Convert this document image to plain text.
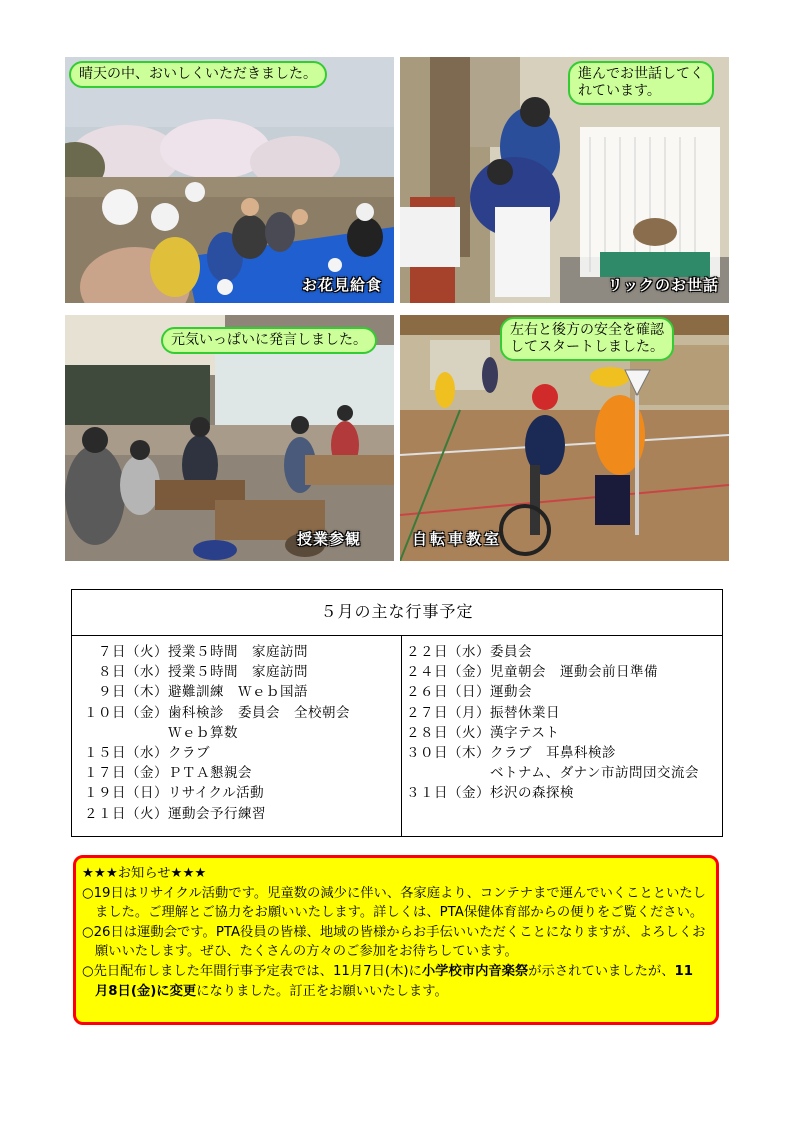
晴天の中、おいしくいただきました。
お花見給食
進んでお世話してく
れています。
リックのお世話
元気いっぱいに発言しました。
授業参観
左右と後方の安全を確認
してスタートしました。
自転車教室
５月の主な行事予定
７日（火） 授業５時間　家庭訪問
８日（水） 授業５時間　家庭訪問
９日（木） 避難訓練　Ｗｅｂ国語
１０日（金） 歯科検診　委員会　全校朝会
Ｗｅｂ算数
１５日（水） クラブ
１７日（金） ＰＴＡ懇親会
１９日（日） リサイクル活動
２１日（火） 運動会予行練習
２２日（水） 委員会
２４日（金） 児童朝会　運動会前日準備
２６日（日） 運動会
２７日（月） 振替休業日
２８日（火） 漢字テスト
３０日（木） クラブ　耳鼻科検診
ベトナム、ダナン市訪問団交流会
３１日（金） 杉沢の森探検

★★★お知らせ★★★

○19日はリサイクル活動です。児童数の減少に伴い、各家庭より、コンテナまで運んでいくことといたしました。ご理解とご協力をお願いいたします。詳しくは、PTA保健体育部からの便りをご覧ください。

○26日は運動会です。PTA役員の皆様、地域の皆様からお手伝いいただくことになりますが、よろしくお願いいたします。ぜひ、たくさんの方々のご参加をお待ちしています。

○先日配布しました年間行事予定表では、11月7日(木)に小学校市内音楽祭が示されていましたが、11月8日(金)に変更になりました。訂正をお願いいたします。
